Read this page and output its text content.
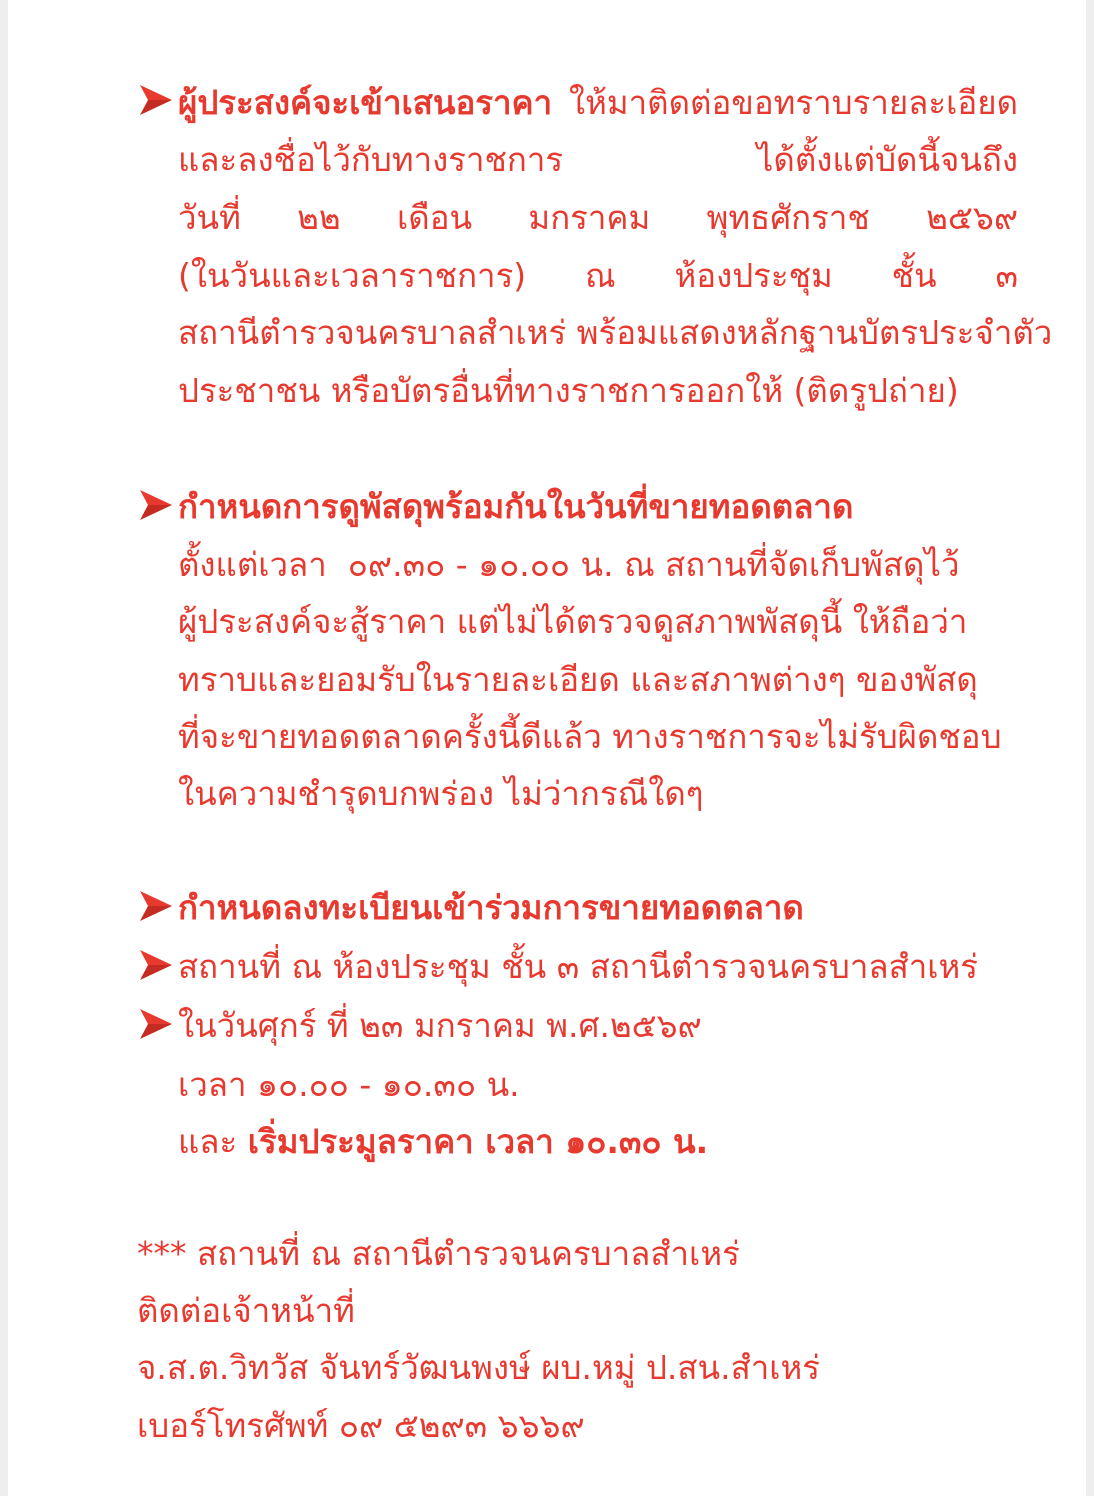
ผู้ประสงค์จะเข้าเสนอราคา ให้มาติดต่อขอทราบรายละเอียด
และลงชื่อไว้กับทางราชการ ได้ตั้งแต่บัดนี้จนถึง
วันที่ ๒๒ เดือน มกราคม พุทธศักราช ๒๕๖๙
(ในวันและเวลาราชการ) ณ ห้องประชุม ชั้น ๓
สถานีตำรวจนครบาลสำเหร่ พร้อมแสดงหลักฐานบัตรประจำตัว
ประชาชน หรือบัตรอื่นที่ทางราชการออกให้ (ติดรูปถ่าย)
กำหนดการดูพัสดุพร้อมกันในวันที่ขายทอดตลาด
ตั้งแต่เวลา  ๐๙.๓๐ - ๑๐.๐๐ น. ณ สถานที่จัดเก็บพัสดุไว้
ผู้ประสงค์จะสู้ราคา แต่ไม่ได้ตรวจดูสภาพพัสดุนี้ ให้ถือว่า
ทราบและยอมรับในรายละเอียด และสภาพต่างๆ ของพัสดุ
ที่จะขายทอดตลาดครั้งนี้ดีแล้ว ทางราชการจะไม่รับผิดชอบ
ในความชำรุดบกพร่อง ไม่ว่ากรณีใดๆ
กำหนดลงทะเบียนเข้าร่วมการขายทอดตลาด
สถานที่ ณ ห้องประชุม ชั้น ๓ สถานีตำรวจนครบาลสำเหร่
ในวันศุกร์ ที่ ๒๓ มกราคม พ.ศ.๒๕๖๙
เวลา ๑๐.๐๐ - ๑๐.๓๐ น.
และ เริ่มประมูลราคา เวลา ๑๐.๓๐ น.
*** สถานที่ ณ สถานีตำรวจนครบาลสำเหร่
ติดต่อเจ้าหน้าที่
จ.ส.ต.วิทวัส จันทร์วัฒนพงษ์ ผบ.หมู่ ป.สน.สำเหร่
เบอร์โทรศัพท์ ๐๙ ๕๒๙๓ ๖๖๖๙
